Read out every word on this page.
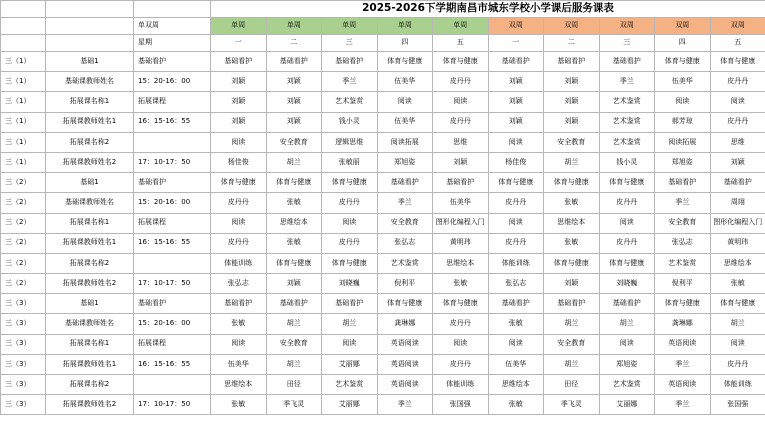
			2025-2026下学期南昌市城东学校小学课后服务课表									
		单双周	单周	单周	单周	单周	单周	双周	双周	双周	双周	双周
		星期	一	二	三	四	五	一	二	三	四	五
三（1）	基础1	基础看护	基础看护	基础看护	基础看护	体育与健康	体育与健康	基础看护	基础看护	基础看护	体育与健康	体育与健康
三（1）	基础课教师姓名	15：20-16：00	刘颖	刘颖	季兰	伍美华	皮丹丹	刘颖	刘颖	季兰	伍美华	皮丹丹
三（1）	拓展课名称1	拓展课程	刘颖	刘颖	艺术鉴赏	阅读	阅读	刘颖	刘颖	艺术鉴赏	阅读	阅读
三（1）	拓展课教师姓名1	16：15-16：55	刘颖	刘颖	钱小灵	伍美华	皮丹丹	刘颖	刘颖	艺术鉴赏	郝芳琼	皮丹丹
三（1）	拓展课名称2		阅读	安全教育	逻辑思维	阅读拓展	思维	阅读	安全教育	艺术鉴赏	阅读拓展	思维
三（1）	拓展课教师姓名2	17：10-17：50	杨佳俊	胡兰	张敏丽	郑旭姿	刘颖	杨佳俊	胡兰	钱小灵	郑旭姿	刘颖
三（2）	基础1	基础看护	体育与健康	体育与健康	体育与健康	基础看护	基础看护	体育与健康	体育与健康	体育与健康	基础看护	基础看护
三（2）	基础课教师姓名	15：20-16：00	皮丹丹	张敏	皮丹丹	季兰	伍美华	皮丹丹	张敏	皮丹丹	季兰	周翊
三（2）	拓展课名称1	拓展课程	阅读	思维绘本	阅读	安全教育	图形化编程入门	阅读	思维绘本	阅读	安全教育	图形化编程入门
三（2）	拓展课教师姓名1	16：15-16：55	皮丹丹	张敏	皮丹丹	张弘志	黄明玮	皮丹丹	张敏	皮丹丹	张弘志	黄明玮
三（2）	拓展课名称2		体能训练	体育与健康	体育与健康	艺术鉴赏	思维绘本	体能训练	体育与健康	体育与健康	艺术鉴赏	思维绘本
三（2）	拓展课教师姓名2	17：10-17：50	张弘志	刘颖	刘晓巍	倪利平	张敏	张弘志	刘颖	刘晓巍	倪利平	张敏
三（3）	基础1	基础看护	基础看护	基础看护	基础看护	体育与健康	体育与健康	基础看护	基础看护	基础看护	体育与健康	体育与健康
三（3）	基础课教师姓名	15：20-16：00	张敏	胡兰	胡兰	龚琳娜	皮丹丹	张敏	胡兰	胡兰	龚琳娜	胡兰
三（3）	拓展课名称1	拓展课程	阅读	安全教育	阅读	英语阅读	阅读	阅读	安全教育	阅读	英语阅读	阅读
三（3）	拓展课教师姓名1	16：15-16：55	伍美华	胡兰	艾丽娜	英语阅读	皮丹丹	伍美华	胡兰	郑旭姿	季兰	皮丹丹
三（3）	拓展课名称2		思维绘本	田径	艺术鉴赏	英语阅读	体能训练	思维绘本	田径	艺术鉴赏	英语阅读	体能训练
三（3）	拓展课教师姓名2	17：10-17：50	张敏	季飞灵	艾丽娜	季兰	张国强	张敏	季飞灵	艾丽娜	季兰	张国强
